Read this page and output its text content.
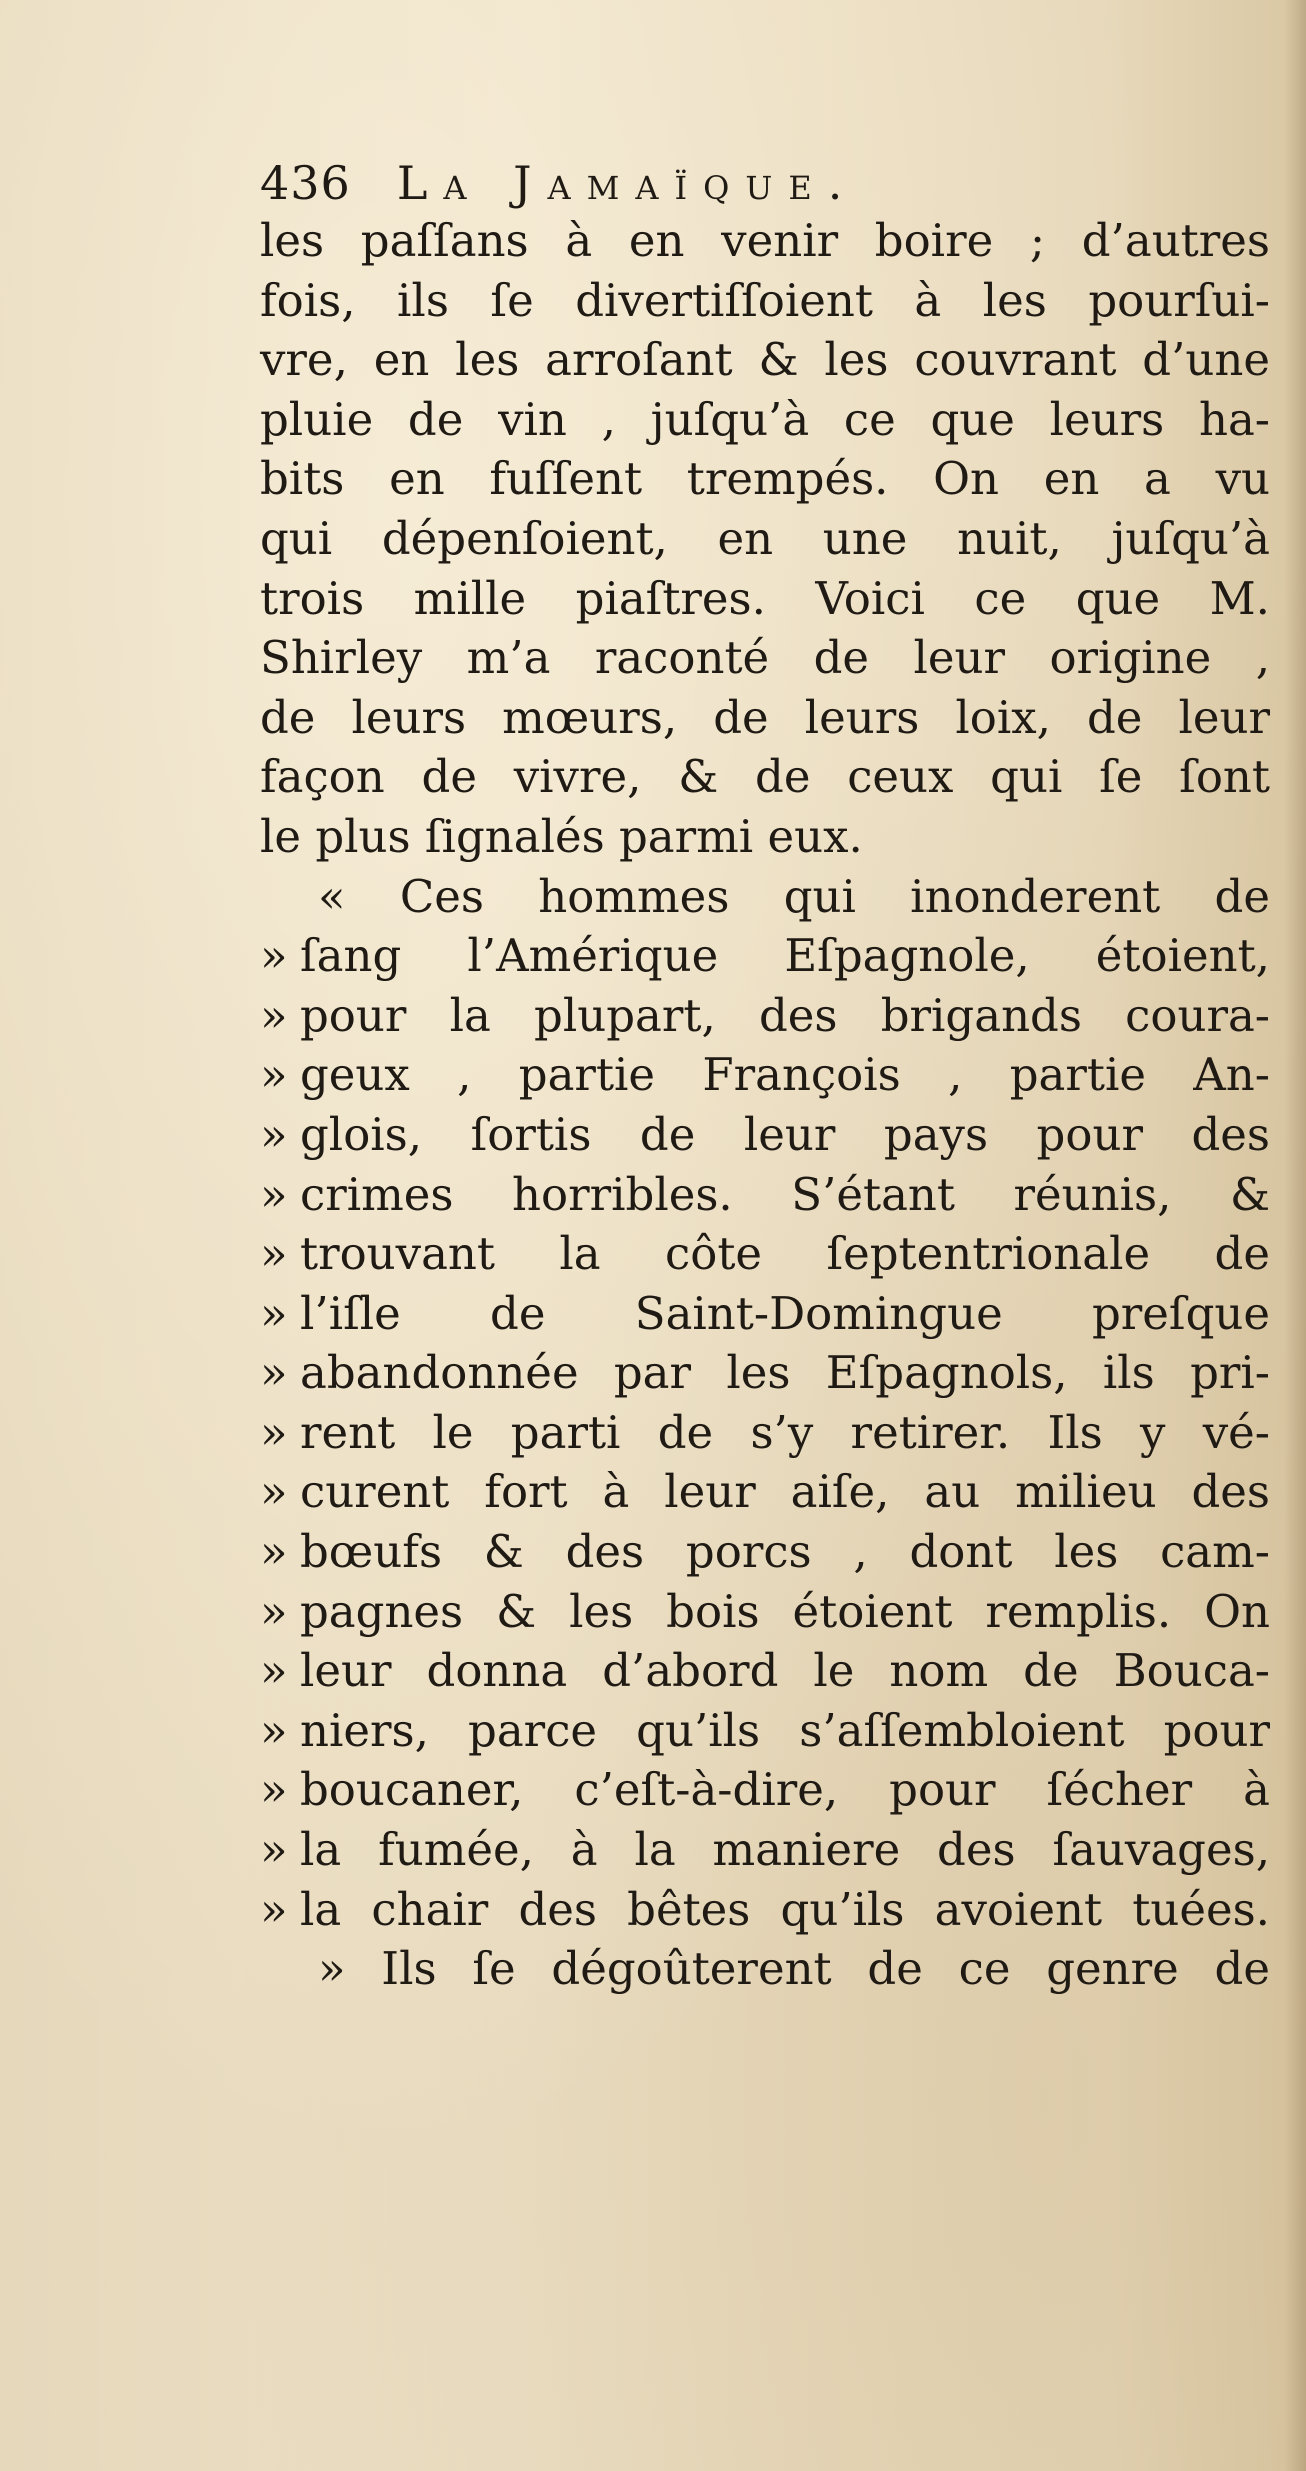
436 La Jamaïque.
les paſſans à en venir boire ; d’autres
fois, ils ſe divertiſſoient à les pourſui-
vre, en les arroſant & les couvrant d’une
pluie de vin , juſqu’à ce que leurs ha-
bits en fuſſent trempés. On en a vu
qui dépenſoient, en une nuit, juſqu’à
trois mille piaſtres. Voici ce que M.
Shirley m’a raconté de leur origine ,
de leurs mœurs, de leurs loix, de leur
façon de vivre, & de ceux qui ſe ſont
le plus ſignalés parmi eux.
« Ces hommes qui inonderent de
» ſang l’Amérique Eſpagnole, étoient,
» pour la plupart, des brigands coura-
» geux , partie François , partie An-
» glois, ſortis de leur pays pour des
» crimes horribles. S’étant réunis, &
» trouvant la côte ſeptentrionale de
» l’iſle de Saint-Domingue preſque
» abandonnée par les Eſpagnols, ils pri-
» rent le parti de s’y retirer. Ils y vé-
» curent fort à leur aiſe, au milieu des
» bœufs & des porcs , dont les cam-
» pagnes & les bois étoient remplis. On
» leur donna d’abord le nom de Bouca-
» niers, parce qu’ils s’aſſembloient pour
» boucaner, c’eſt-à-dire, pour ſécher à
» la fumée, à la maniere des ſauvages,
» la chair des bêtes qu’ils avoient tuées.
» Ils ſe dégoûterent de ce genre de
